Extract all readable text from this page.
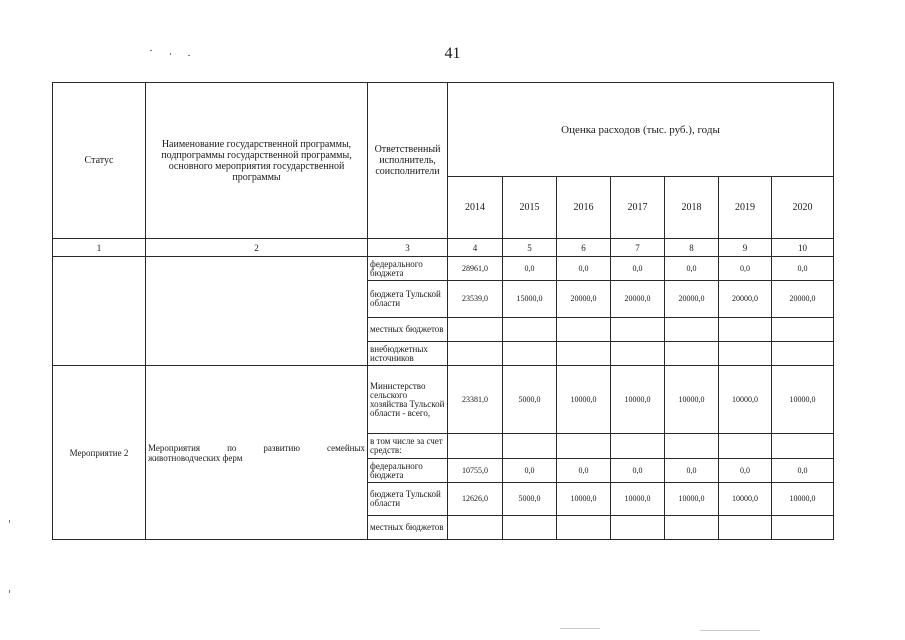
41
Статус	Наименование государственной программы, подпрограммы государственной программы, основного мероприятия государственной программы	Ответственный исполнитель, соисполнители	Оценка расходов (тыс. руб.), годы						
			2014	2015	2016	2017	2018	2019	2020
1	2	3	4	5	6	7	8	9	10
		федерального бюджета	28961,0	0,0	0,0	0,0	0,0	0,0	0,0
		бюджета Тульской области	23539,0	15000,0	20000,0	20000,0	20000,0	20000,0	20000,0
		местных бюджетов							
		внебюджетных источников							
Мероприятие 2	Мероприятия по развитию семейных животноводческих ферм	Министерство сельского хозяйства Тульской области - всего,	23381,0	5000,0	10000,0	10000,0	10000,0	10000,0	10000,0
		в том числе за счет средств:							
		федерального бюджета	10755,0	0,0	0,0	0,0	0,0	0,0	0,0
		бюджета Тульской области	12626,0	5000,0	10000,0	10000,0	10000,0	10000,0	10000,0
		местных бюджетов							
